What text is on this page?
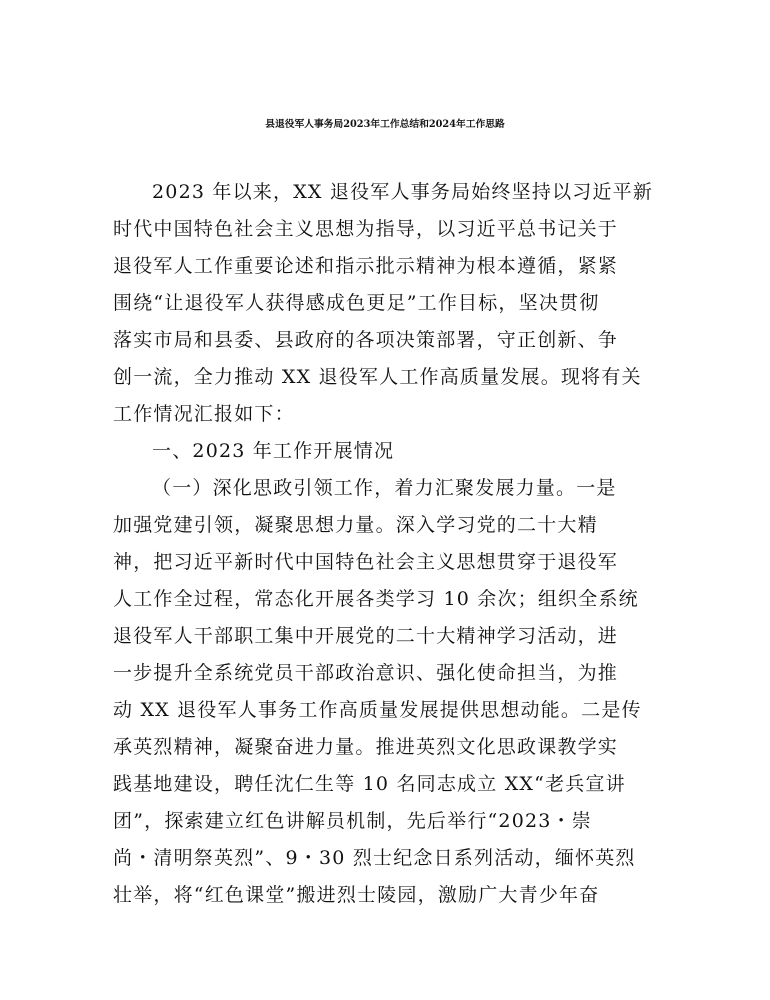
县退役军人事务局2023年工作总结和2024年工作思路
2023 年以来，XX 退役军人事务局始终坚持以习近平新
时代中国特色社会主义思想为指导，以习近平总书记关于
退役军人工作重要论述和指示批示精神为根本遵循，紧紧
围绕“让退役军人获得感成色更足”工作目标，坚决贯彻
落实市局和县委、县政府的各项决策部署，守正创新、争
创一流，全力推动 XX 退役军人工作高质量发展。现将有关
工作情况汇报如下：
一、2023 年工作开展情况
（一）深化思政引领工作，着力汇聚发展力量。一是
加强党建引领，凝聚思想力量。深入学习党的二十大精
神，把习近平新时代中国特色社会主义思想贯穿于退役军
人工作全过程，常态化开展各类学习 10 余次；组织全系统
退役军人干部职工集中开展党的二十大精神学习活动，进
一步提升全系统党员干部政治意识、强化使命担当，为推
动 XX 退役军人事务工作高质量发展提供思想动能。二是传
承英烈精神，凝聚奋进力量。推进英烈文化思政课教学实
践基地建设，聘任沈仁生等 10 名同志成立 XX“老兵宣讲
团”，探索建立红色讲解员机制，先后举行“2023・崇
尚・清明祭英烈”、9・30 烈士纪念日系列活动，缅怀英烈
壮举，将“红色课堂”搬进烈士陵园，激励广大青少年奋
